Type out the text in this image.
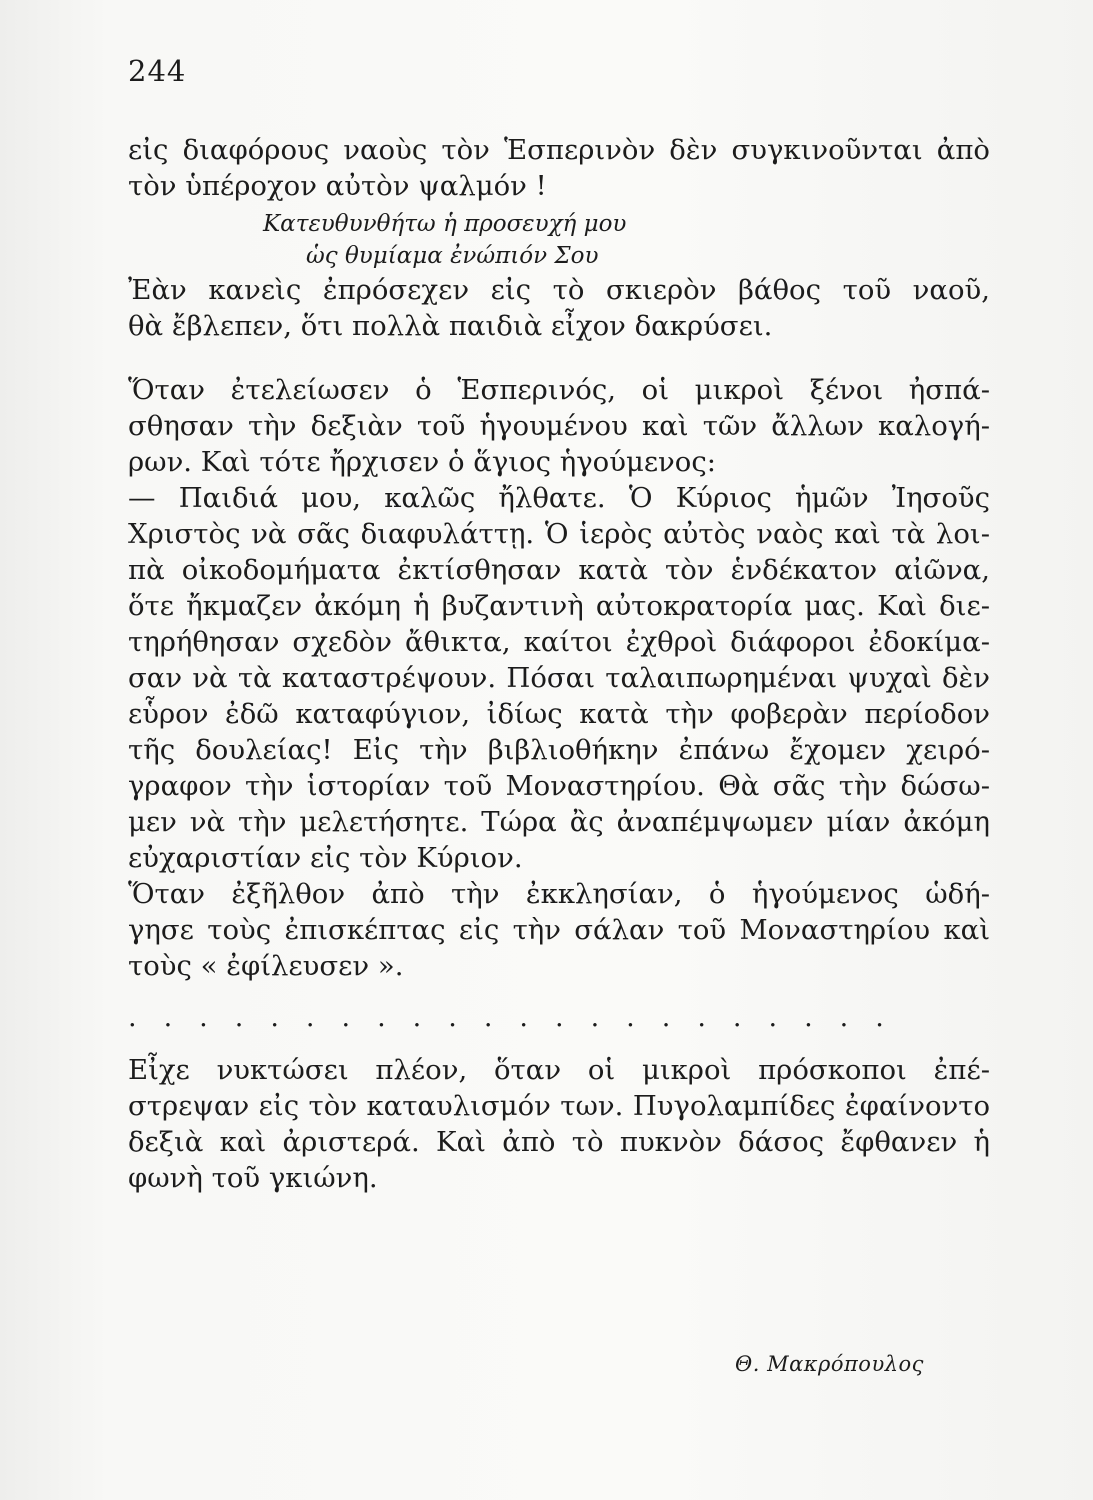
244
εἰς διαφόρους ναοὺς τὸν Ἑσπερινὸν δὲν συγκινοῦνται ἀπὸ
τὸν ὑπέροχον αὐτὸν ψαλμόν !
Κατευθυνθήτω ἡ προσευχή μου
ὡς θυμίαμα ἐνώπιόν Σου
Ἐὰν κανεὶς ἐπρόσεχεν εἰς τὸ σκιερὸν βάθος τοῦ ναοῦ,
θὰ ἔβλεπεν, ὅτι πολλὰ παιδιὰ εἶχον δακρύσει.
Ὅταν ἐτελείωσεν ὁ Ἑσπερινός, οἱ μικροὶ ξένοι ἠσπά-
σθησαν τὴν δεξιὰν τοῦ ἡγουμένου καὶ τῶν ἄλλων καλογή-
ρων. Καὶ τότε ἤρχισεν ὁ ἅγιος ἡγούμενος:
— Παιδιά μου, καλῶς ἤλθατε. Ὁ Κύριος ἡμῶν Ἰησοῦς
Χριστὸς νὰ σᾶς διαφυλάττῃ. Ὁ ἱερὸς αὐτὸς ναὸς καὶ τὰ λοι-
πὰ οἰκοδομήματα ἐκτίσθησαν κατὰ τὸν ἑνδέκατον αἰῶνα,
ὅτε ἤκμαζεν ἀκόμη ἡ βυζαντινὴ αὐτοκρατορία μας. Καὶ διε-
τηρήθησαν σχεδὸν ἄθικτα, καίτοι ἐχθροὶ διάφοροι ἐδοκίμα-
σαν νὰ τὰ καταστρέψουν. Πόσαι ταλαιπωρημέναι ψυχαὶ δὲν
εὗρον ἐδῶ καταφύγιον, ἰδίως κατὰ τὴν φοβερὰν περίοδον
τῆς δουλείας! Εἰς τὴν βιβλιοθήκην ἐπάνω ἔχομεν χειρό-
γραφον τὴν ἱστορίαν τοῦ Μοναστηρίου. Θὰ σᾶς τὴν δώσω-
μεν νὰ τὴν μελετήσητε. Τώρα ἂς ἀναπέμψωμεν μίαν ἀκόμη
εὐχαριστίαν εἰς τὸν Κύριον.
Ὅταν ἐξῆλθον ἀπὸ τὴν ἐκκλησίαν, ὁ ἡγούμενος ὡδή-
γησε τοὺς ἐπισκέπτας εἰς τὴν σάλαν τοῦ Μοναστηρίου καὶ
τοὺς « ἐφίλευσεν ».
......................
Εἶχε νυκτώσει πλέον, ὅταν οἱ μικροὶ πρόσκοποι ἐπέ-
στρεψαν εἰς τὸν καταυλισμόν των. Πυγολαμπίδες ἐφαίνοντο
δεξιὰ καὶ ἀριστερά. Καὶ ἀπὸ τὸ πυκνὸν δάσος ἔφθανεν ἡ
φωνὴ τοῦ γκιώνη.
Θ. Μακρόπουλος
